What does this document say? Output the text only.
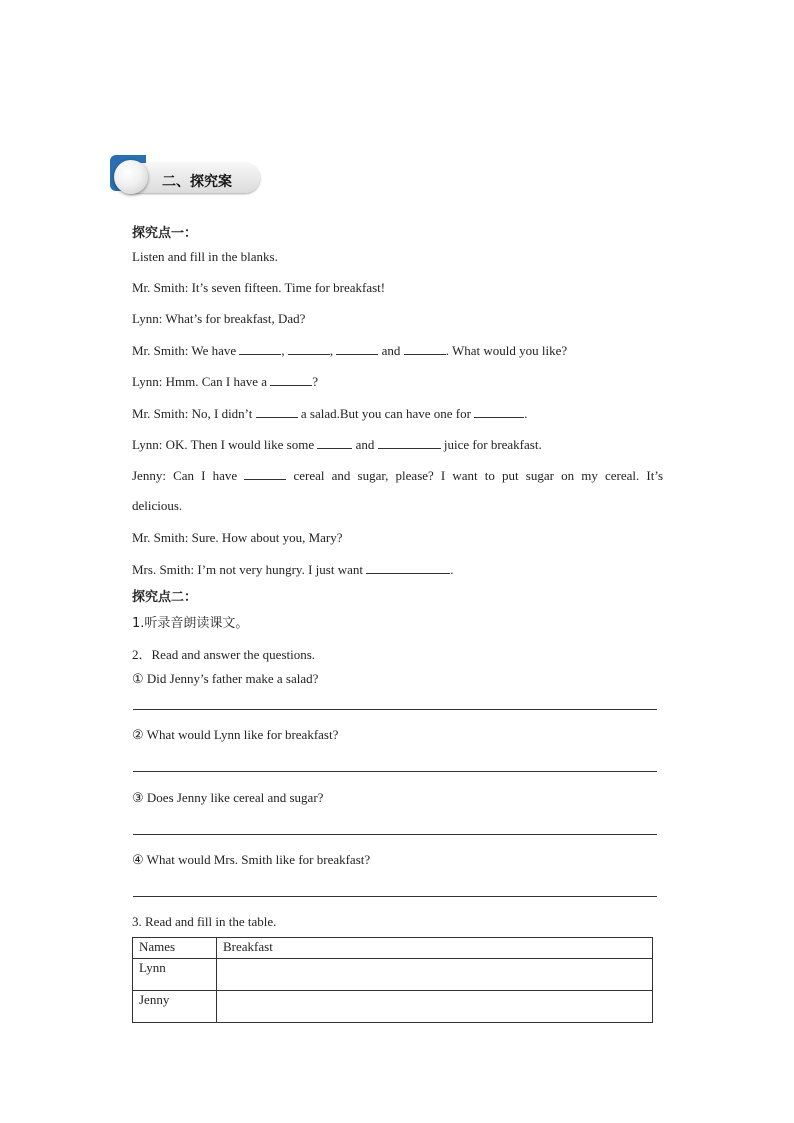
二、探究案
探究点一：
Listen and fill in the blanks.
Mr. Smith: It’s seven fifteen. Time for breakfast!
Lynn: What’s for breakfast, Dad?
Mr. Smith: We have	,	,	and	. What would you like?
Lynn: Hmm. Can I have a	?
Mr. Smith: No, I didn’t	a salad.But you can have one for	.
Lynn: OK. Then I would like some	and	juice for breakfast.
Jenny: Can I have	cereal and sugar, please? I want to put sugar on my cereal. It’s
delicious.
Mr. Smith: Sure. How about you, Mary?
Mrs. Smith: I’m not very hungry. I just want	.
探究点二：
1.听录音朗读课文。
2．Read and answer the questions.
① Did Jenny’s father make a salad?
② What would Lynn like for breakfast?
③ Does Jenny like cereal and sugar?
④ What would Mrs. Smith like for breakfast?
3. Read and fill in the table.
Names	Breakfast
Lynn	
Jenny	
